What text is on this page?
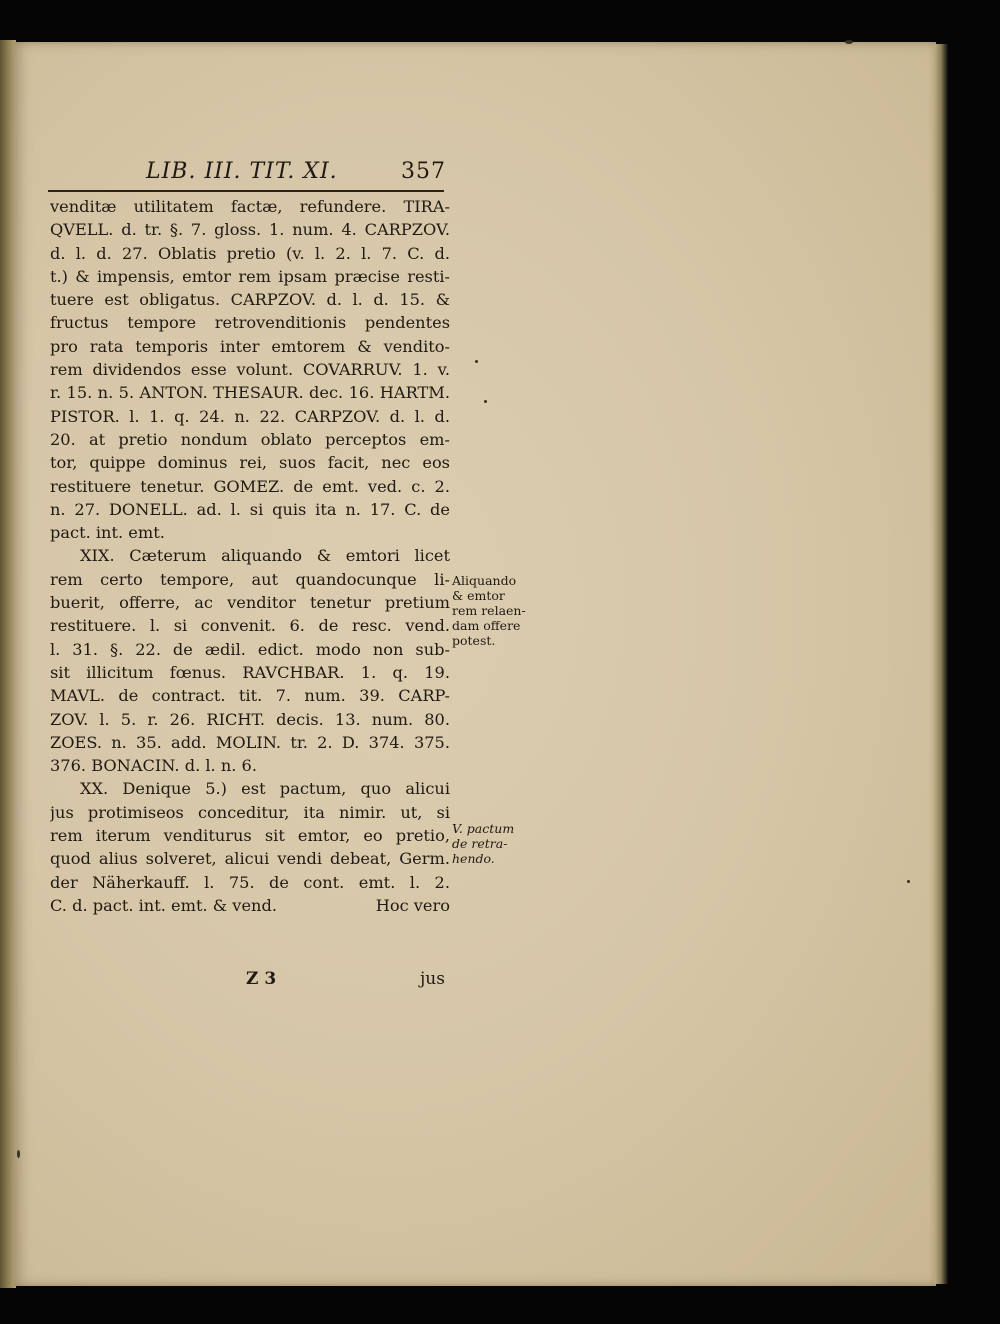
LIB. III. TIT. XI.	357
venditæ utilitatem factæ, refundere. TIRA-
QVELL. d. tr. §. 7. gloss. 1. num. 4. CARPZOV.
d. l. d. 27. Oblatis pretio (v. l. 2. l. 7. C. d.
t.) & impensis, emtor rem ipsam præcise resti-
tuere est obligatus. CARPZOV. d. l. d. 15. &
fructus tempore retrovenditionis pendentes
pro rata temporis inter emtorem & vendito-
rem dividendos esse volunt. COVARRUV. 1. v.
r. 15. n. 5. ANTON. THESAUR. dec. 16. HARTM.
PISTOR. l. 1. q. 24. n. 22. CARPZOV. d. l. d.
20. at pretio nondum oblato perceptos em-
tor, quippe dominus rei, suos facit, nec eos
restituere tenetur. GOMEZ. de emt. ved. c. 2.
n. 27. DONELL. ad. l. si quis ita n. 17. C. de
pact. int. emt.
XIX. Cæterum aliquando & emtori licet
rem certo tempore, aut quandocunque li-
buerit, offerre, ac venditor tenetur pretium
restituere. l. si convenit. 6. de resc. vend.
l. 31. §. 22. de ædil. edict. modo non sub-
sit illicitum fœnus. RAVCHBAR. 1. q. 19.
MAVL. de contract. tit. 7. num. 39. CARP-
ZOV. l. 5. r. 26. RICHT. decis. 13. num. 80.
ZOES. n. 35. add. MOLIN. tr. 2. D. 374. 375.
376. BONACIN. d. l. n. 6.
XX. Denique 5.) est pactum, quo alicui
jus protimiseos conceditur, ita nimir. ut, si
rem iterum venditurus sit emtor, eo pretio,
quod alius solveret, alicui vendi debeat, Germ.
der Näherkauff. l. 75. de cont. emt. l. 2.
C. d. pact. int. emt. & vend.	Hoc vero
Aliquando
& emtor
rem relaen-
dam offere
potest.
V. pactum
de retra-
hendo.
Z 3	jus
